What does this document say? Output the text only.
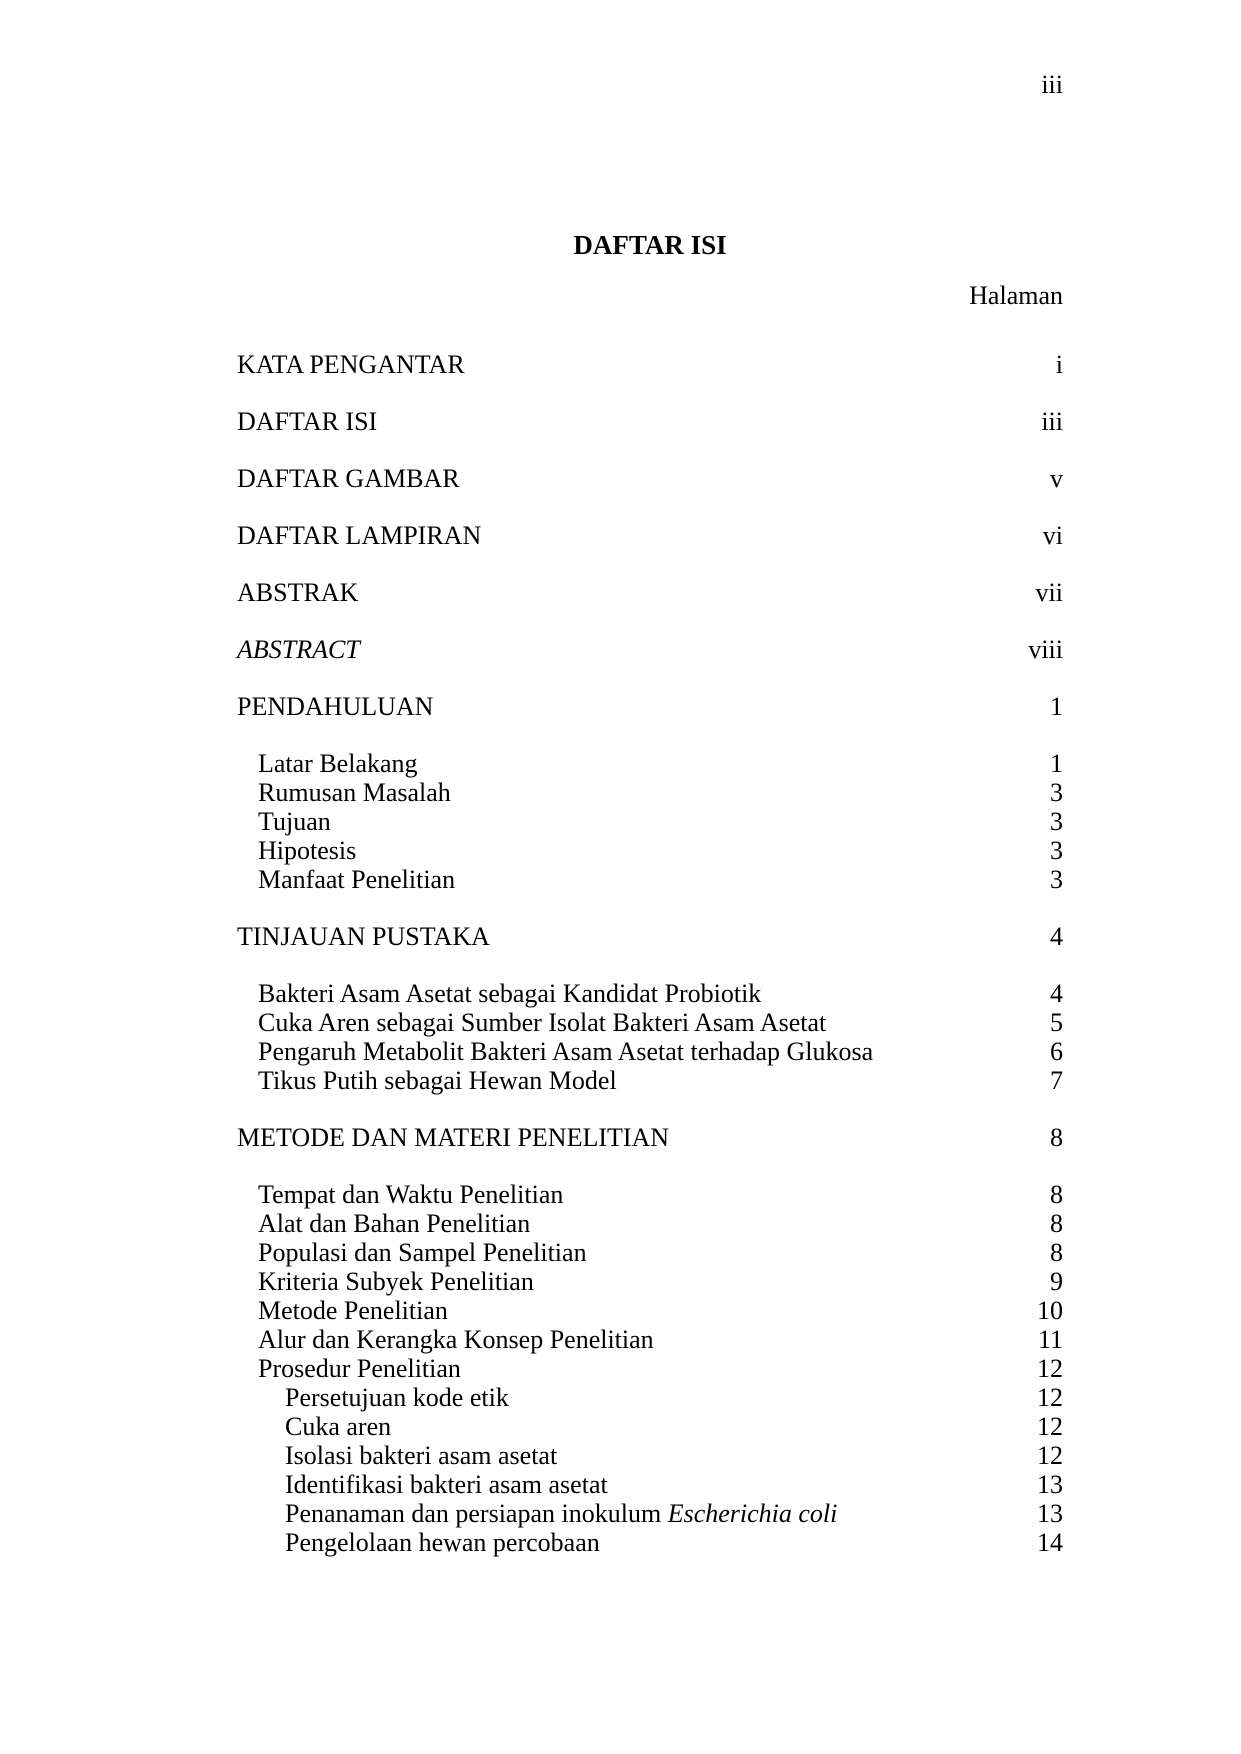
iii
DAFTAR ISI
Halaman
KATA PENGANTAR	i
DAFTAR ISI	iii
DAFTAR GAMBAR	v
DAFTAR LAMPIRAN	vi
ABSTRAK	vii
ABSTRACT	viii
PENDAHULUAN	1
Latar Belakang	1
Rumusan Masalah	3
Tujuan	3
Hipotesis	3
Manfaat Penelitian	3
TINJAUAN PUSTAKA	4
Bakteri Asam Asetat sebagai Kandidat Probiotik	4
Cuka Aren sebagai Sumber Isolat Bakteri Asam Asetat	5
Pengaruh Metabolit Bakteri Asam Asetat terhadap Glukosa	6
Tikus Putih sebagai Hewan Model	7
METODE DAN MATERI PENELITIAN	8
Tempat dan Waktu Penelitian	8
Alat dan Bahan Penelitian	8
Populasi dan Sampel Penelitian	8
Kriteria Subyek Penelitian	9
Metode Penelitian	10
Alur dan Kerangka Konsep Penelitian	11
Prosedur Penelitian	12
Persetujuan kode etik	12
Cuka aren	12
Isolasi bakteri asam asetat	12
Identifikasi bakteri asam asetat	13
Penanaman dan persiapan inokulum Escherichia coli	13
Pengelolaan hewan percobaan	14
